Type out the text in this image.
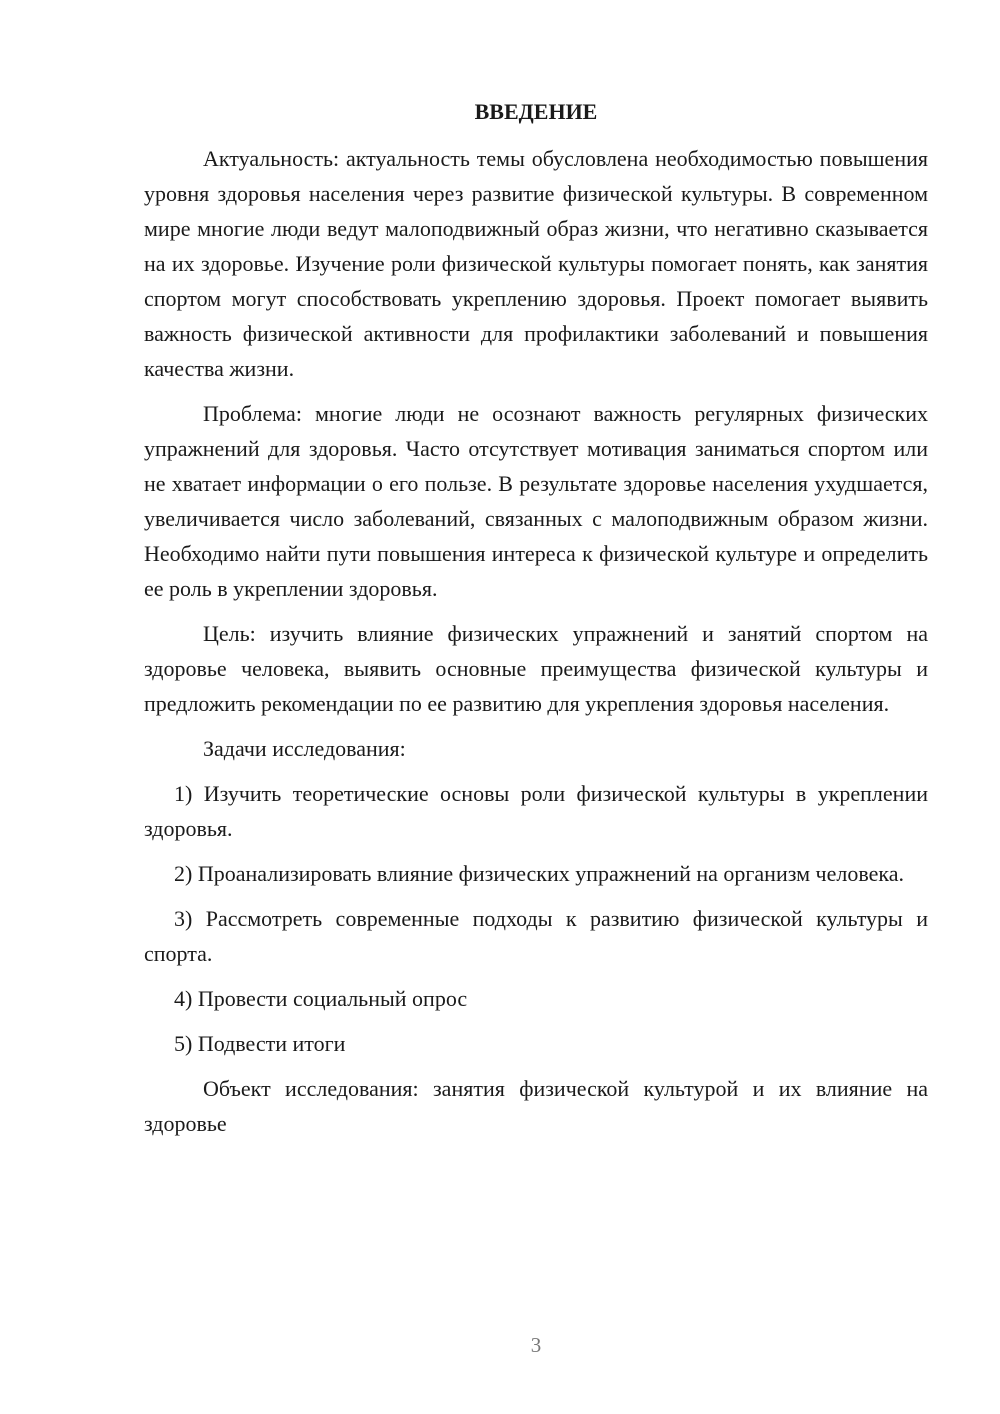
ВВЕДЕНИЕ

Актуальность: актуальность темы обусловлена необходимостью повышения уровня здоровья населения через развитие физической культуры. В современном мире многие люди ведут малоподвижный образ жизни, что негативно сказывается на их здоровье. Изучение роли физической культуры помогает понять, как занятия спортом могут способствовать укреплению здоровья. Проект помогает выявить важность физической активности для профилактики заболеваний и повышения качества жизни.

Проблема: многие люди не осознают важность регулярных физических упражнений для здоровья. Часто отсутствует мотивация заниматься спортом или не хватает информации о его пользе. В результате здоровье населения ухудшается, увеличивается число заболеваний, связанных с малоподвижным образом жизни. Необходимо найти пути повышения интереса к физической культуре и определить ее роль в укреплении здоровья.

Цель: изучить влияние физических упражнений и занятий спортом на здоровье человека, выявить основные преимущества физической культуры и предложить рекомендации по ее развитию для укрепления здоровья населения.

Задачи исследования:

1) Изучить теоретические основы роли физической культуры в укреплении здоровья.

2) Проанализировать влияние физических упражнений на организм человека.

3) Рассмотреть современные подходы к развитию физической культуры и спорта.

4) Провести социальный опрос

5) Подвести итоги

Объект исследования: занятия физической культурой и их влияние на здоровье

3
